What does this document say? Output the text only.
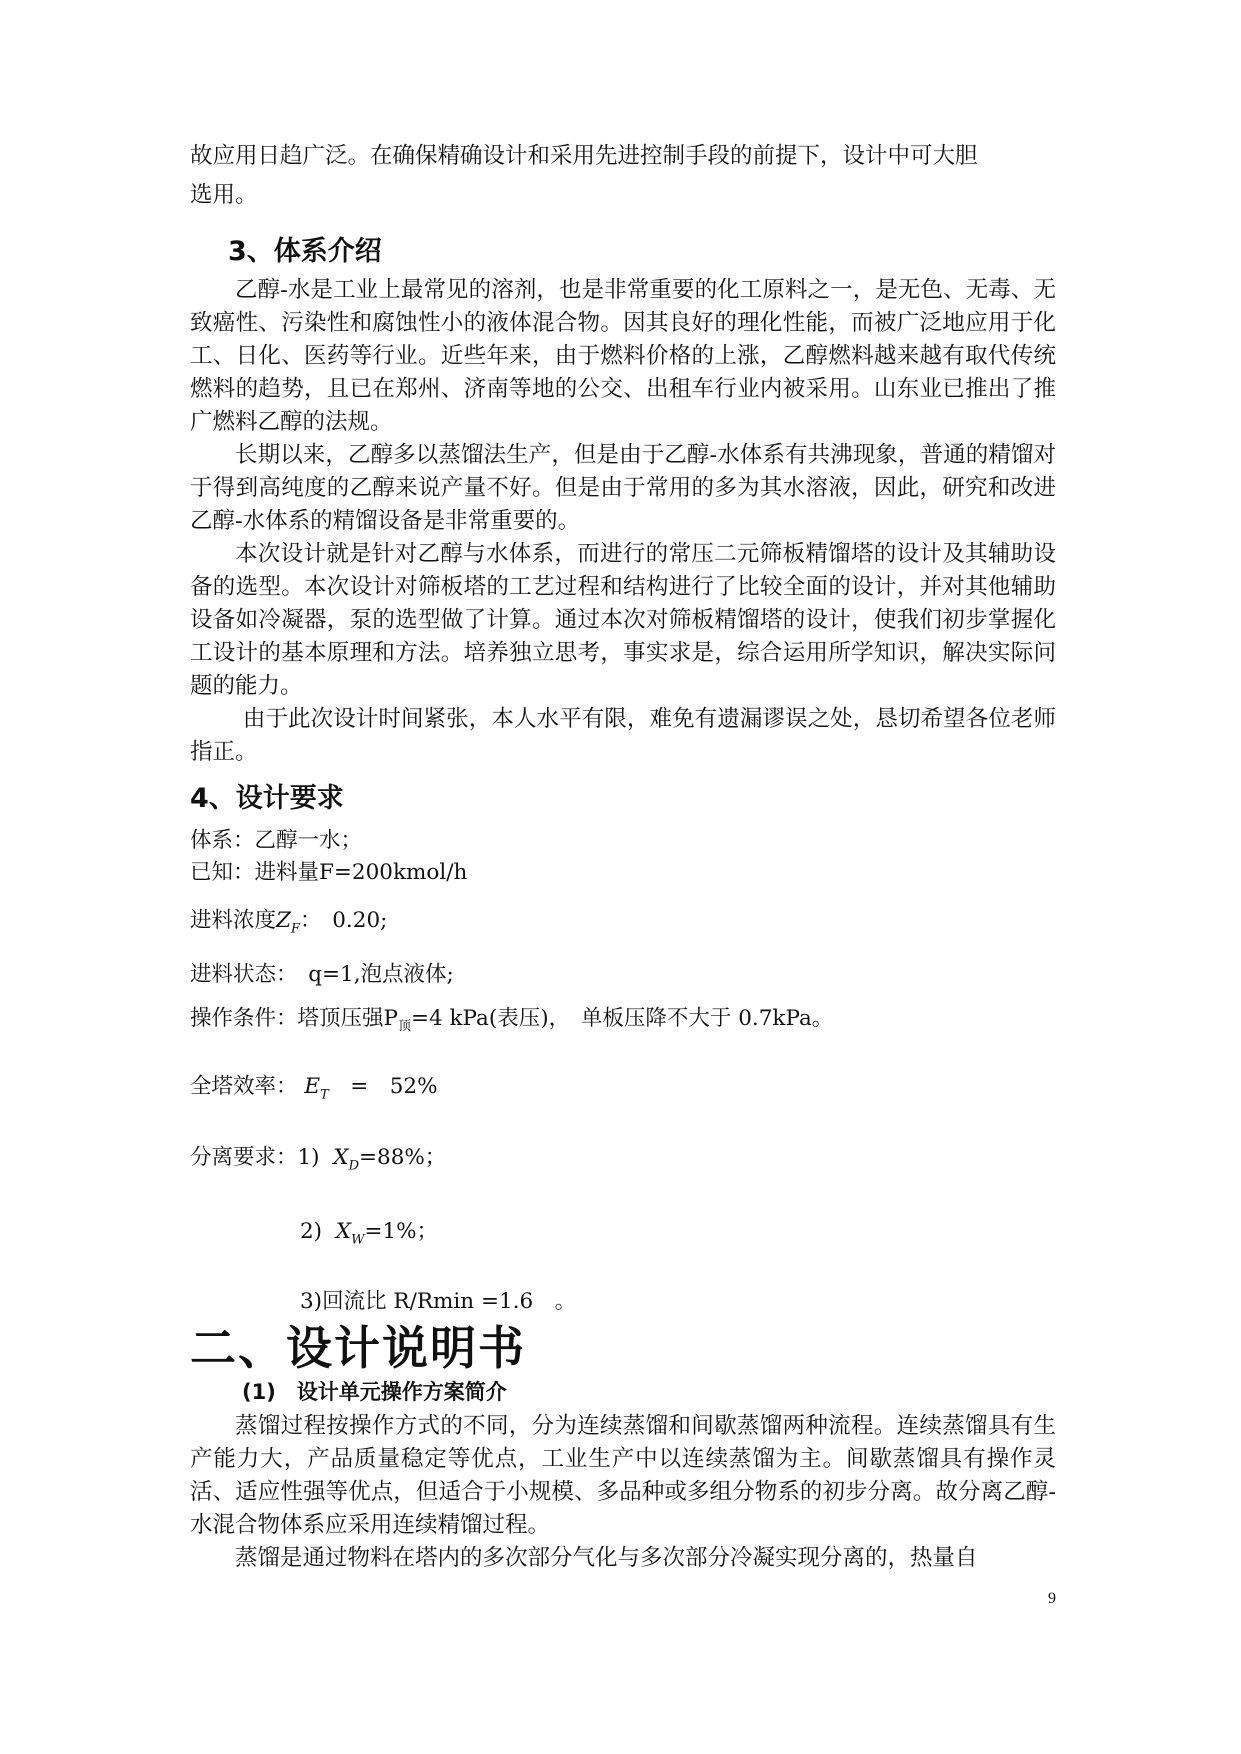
故应用日趋广泛。在确保精确设计和采用先进控制手段的前提下，设计中可大胆

选用。

3、体系介绍

乙醇-水是工业上最常见的溶剂，也是非常重要的化工原料之一，是无色、无毒、无致癌性、污染性和腐蚀性小的液体混合物。因其良好的理化性能，而被广泛地应用于化工、日化、医药等行业。近些年来，由于燃料价格的上涨，乙醇燃料越来越有取代传统燃料的趋势，且已在郑州、济南等地的公交、出租车行业内被采用。山东业已推出了推广燃料乙醇的法规。

长期以来，乙醇多以蒸馏法生产，但是由于乙醇-水体系有共沸现象，普通的精馏对于得到高纯度的乙醇来说产量不好。但是由于常用的多为其水溶液，因此，研究和改进乙醇-水体系的精馏设备是非常重要的。

本次设计就是针对乙醇与水体系，而进行的常压二元筛板精馏塔的设计及其辅助设备的选型。本次设计对筛板塔的工艺过程和结构进行了比较全面的设计，并对其他辅助设备如冷凝器，泵的选型做了计算。通过本次对筛板精馏塔的设计，使我们初步掌握化工设计的基本原理和方法。培养独立思考，事实求是，综合运用所学知识，解决实际问题的能力。

由于此次设计时间紧张，本人水平有限，难免有遗漏谬误之处，恳切希望各位老师指正。

4、设计要求

体系：乙醇一水；

已知：进料量F=200kmol/h

进料浓度$Z_F$：　0.20;

进料状态：　q=1,泡点液体;

操作条件：塔顶压强$P_顶=4$ kPa(表压)，　单板压降不大于 0.7kPa。

全塔效率： $E_T$　=　52%

分离要求：1) $X_D=88\%$；

2) $X_W=1\%$；

3)回流比 R/Rmin =1.6　。

二、设计说明书
(1)　设计单元操作方案简介

蒸馏过程按操作方式的不同，分为连续蒸馏和间歇蒸馏两种流程。连续蒸馏具有生产能力大，产品质量稳定等优点，工业生产中以连续蒸馏为主。间歇蒸馏具有操作灵活、适应性强等优点，但适合于小规模、多品种或多组分物系的初步分离。故分离乙醇-水混合物体系应采用连续精馏过程。

蒸馏是通过物料在塔内的多次部分气化与多次部分冷凝实现分离的，热量自

9
